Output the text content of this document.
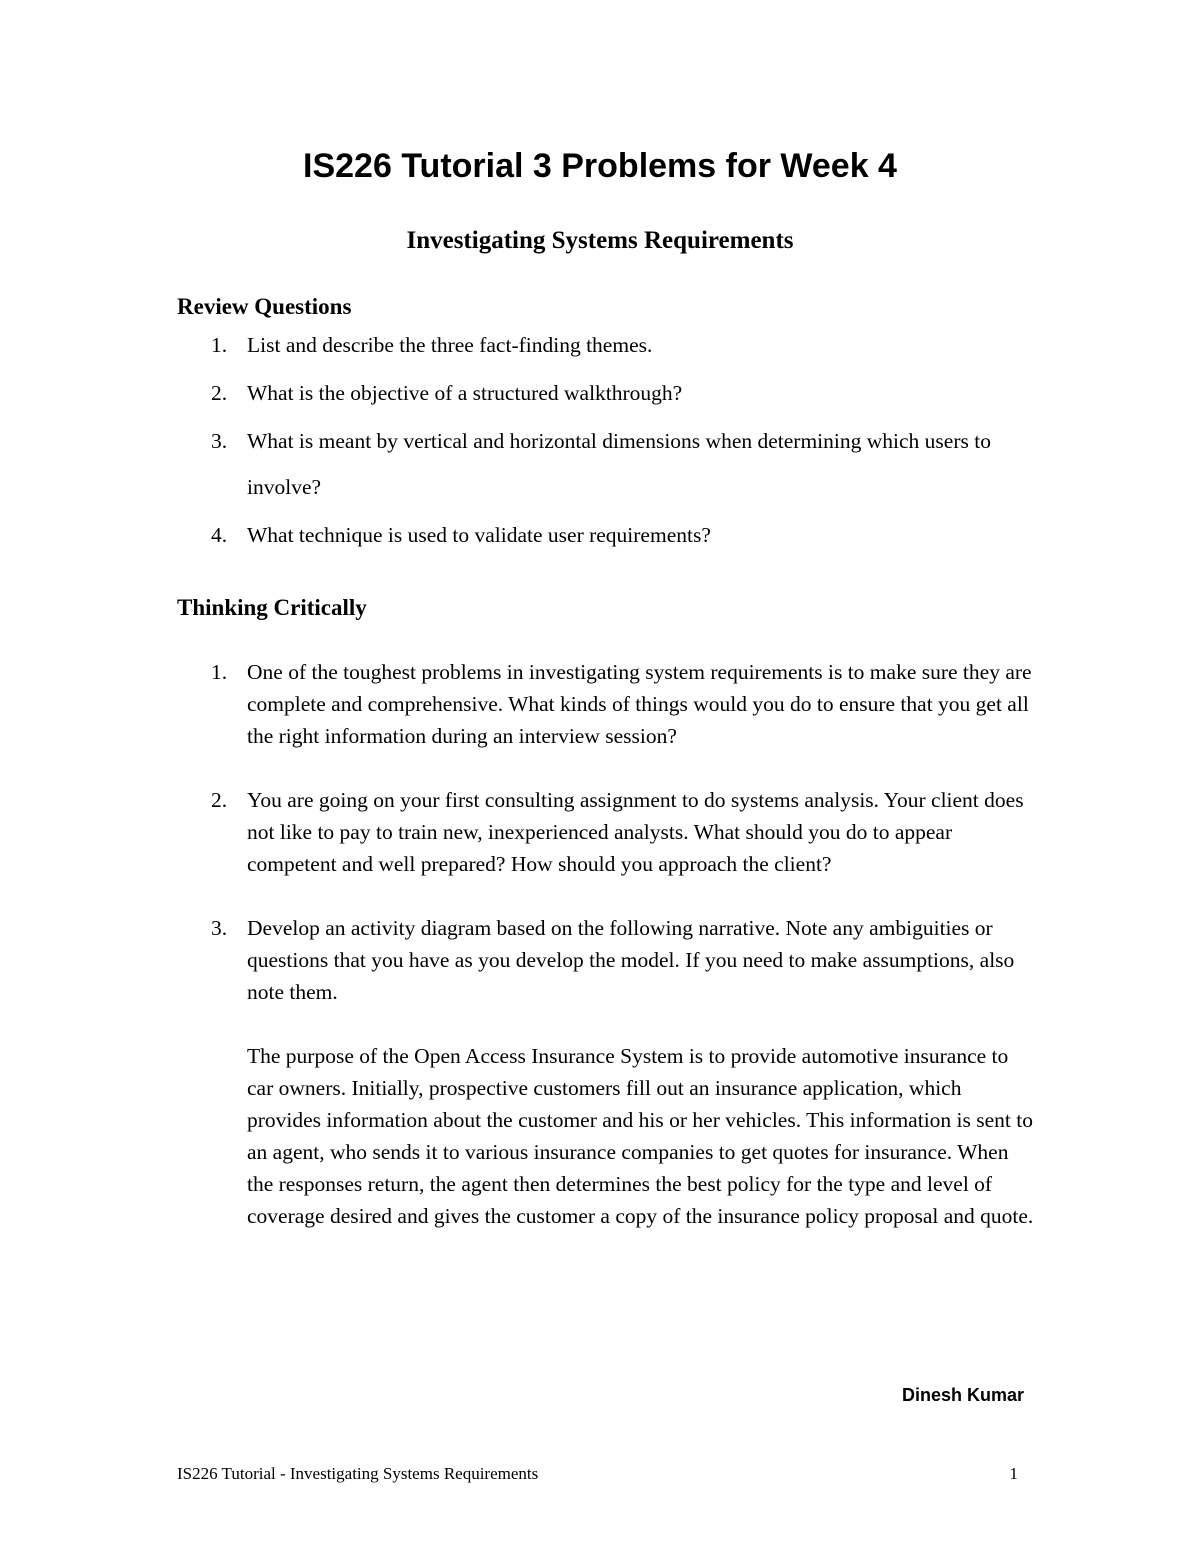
IS226 Tutorial 3 Problems for Week 4
Investigating Systems Requirements
Review Questions
1. List and describe the three fact-finding themes.
2. What is the objective of a structured walkthrough?
3. What is meant by vertical and horizontal dimensions when determining which users to involve?
4. What technique is used to validate user requirements?
Thinking Critically
1. One of the toughest problems in investigating system requirements is to make sure they are complete and comprehensive. What kinds of things would you do to ensure that you get all the right information during an interview session?
2. You are going on your first consulting assignment to do systems analysis. Your client does not like to pay to train new, inexperienced analysts. What should you do to appear competent and well prepared? How should you approach the client?
3. Develop an activity diagram based on the following narrative. Note any ambiguities or questions that you have as you develop the model. If you need to make assumptions, also note them.

The purpose of the Open Access Insurance System is to provide automotive insurance to car owners. Initially, prospective customers fill out an insurance application, which provides information about the customer and his or her vehicles. This information is sent to an agent, who sends it to various insurance companies to get quotes for insurance. When the responses return, the agent then determines the best policy for the type and level of coverage desired and gives the customer a copy of the insurance policy proposal and quote.

Dinesh Kumar
IS226 Tutorial - Investigating Systems Requirements	1
